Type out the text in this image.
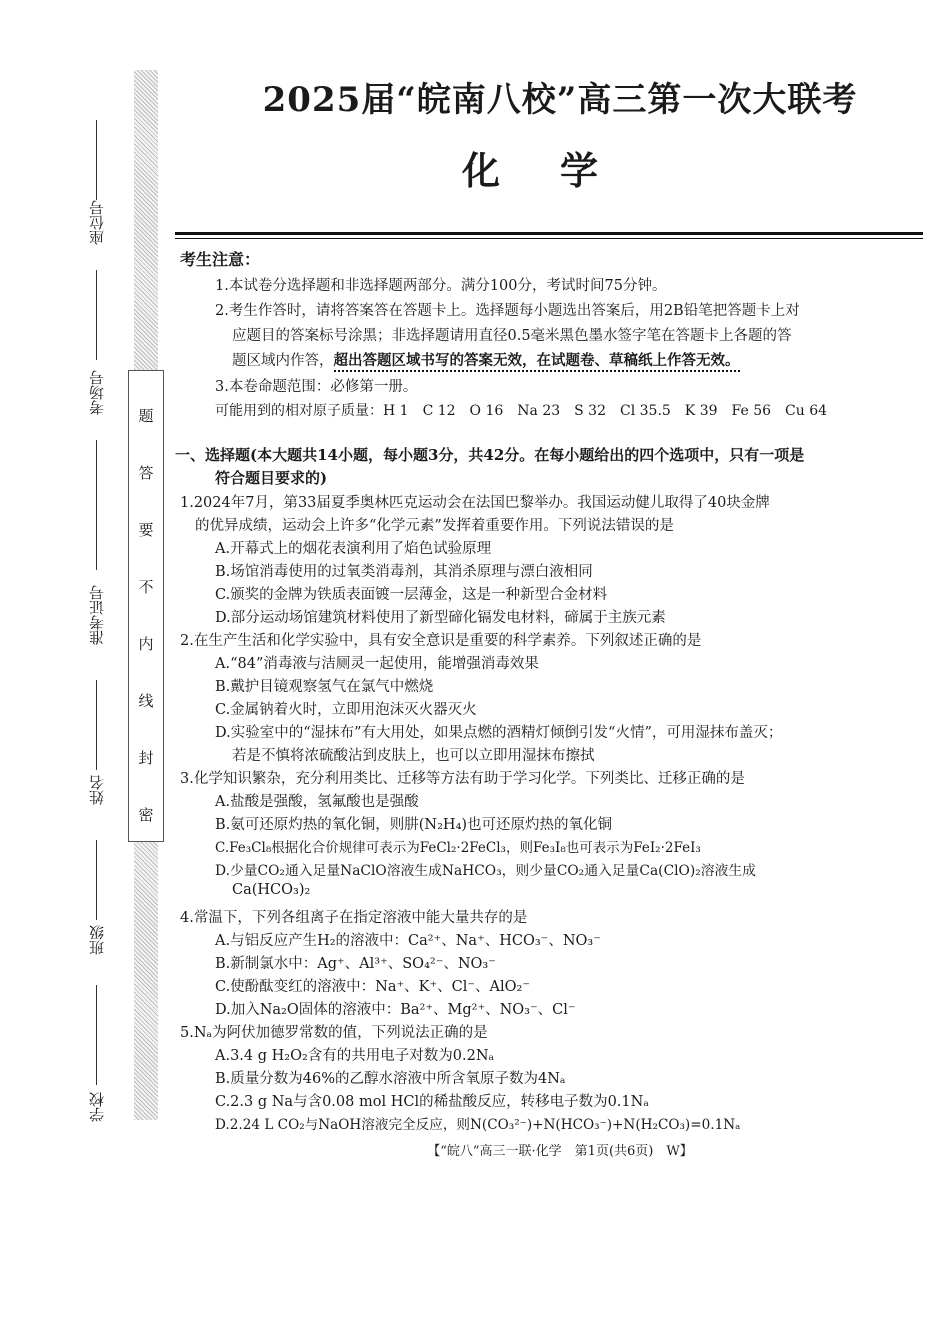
题
答
要
不
内
线
封
密
座位号
考场号
准考证号
姓名
班级
学校
2025届“皖南八校”高三第一次大联考
化学
考生注意：
1.本试卷分选择题和非选择题两部分。满分100分，考试时间75分钟。
2.考生作答时，请将答案答在答题卡上。选择题每小题选出答案后，用2B铅笔把答题卡上对
应题目的答案标号涂黑；非选择题请用直径0.5毫米黑色墨水签字笔在答题卡上各题的答
题区域内作答，超出答题区域书写的答案无效，在试题卷、草稿纸上作答无效。
3.本卷命题范围：必修第一册。
可能用到的相对原子质量：H 1　C 12　O 16　Na 23　S 32　Cl 35.5　K 39　Fe 56　Cu 64
一、选择题(本大题共14小题，每小题3分，共42分。在每小题给出的四个选项中，只有一项是
符合题目要求的)
1.2024年7月，第33届夏季奥林匹克运动会在法国巴黎举办。我国运动健儿取得了40块金牌
的优异成绩，运动会上许多“化学元素”发挥着重要作用。下列说法错误的是
A.开幕式上的烟花表演利用了焰色试验原理
B.场馆消毒使用的过氧类消毒剂，其消杀原理与漂白液相同
C.颁奖的金牌为铁质表面镀一层薄金，这是一种新型合金材料
D.部分运动场馆建筑材料使用了新型碲化镉发电材料，碲属于主族元素
2.在生产生活和化学实验中，具有安全意识是重要的科学素养。下列叙述正确的是
A.“84”消毒液与洁厕灵一起使用，能增强消毒效果
B.戴护目镜观察氢气在氯气中燃烧
C.金属钠着火时，立即用泡沫灭火器灭火
D.实验室中的“湿抹布”有大用处，如果点燃的酒精灯倾倒引发“火情”，可用湿抹布盖灭；
若是不慎将浓硫酸沾到皮肤上，也可以立即用湿抹布擦拭
3.化学知识繁杂，充分利用类比、迁移等方法有助于学习化学。下列类比、迁移正确的是
A.盐酸是强酸，氢氟酸也是强酸
B.氨可还原灼热的氧化铜，则肼(N₂H₄)也可还原灼热的氧化铜
C.Fe₃Cl₈根据化合价规律可表示为FeCl₂·2FeCl₃，则Fe₃I₈也可表示为FeI₂·2FeI₃
D.少量CO₂通入足量NaClO溶液生成NaHCO₃，则少量CO₂通入足量Ca(ClO)₂溶液生成
Ca(HCO₃)₂
4.常温下，下列各组离子在指定溶液中能大量共存的是
A.与铝反应产生H₂的溶液中：Ca²⁺、Na⁺、HCO₃⁻、NO₃⁻
B.新制氯水中：Ag⁺、Al³⁺、SO₄²⁻、NO₃⁻
C.使酚酞变红的溶液中：Na⁺、K⁺、Cl⁻、AlO₂⁻
D.加入Na₂O固体的溶液中：Ba²⁺、Mg²⁺、NO₃⁻、Cl⁻
5.Nₐ为阿伏加德罗常数的值，下列说法正确的是
A.3.4 g H₂O₂含有的共用电子对数为0.2Nₐ
B.质量分数为46%的乙醇水溶液中所含氧原子数为4Nₐ
C.2.3 g Na与含0.08 mol HCl的稀盐酸反应，转移电子数为0.1Nₐ
D.2.24 L CO₂与NaOH溶液完全反应，则N(CO₃²⁻)+N(HCO₃⁻)+N(H₂CO₃)=0.1Nₐ
【“皖八”高三一联·化学　第1页(共6页)　W】
